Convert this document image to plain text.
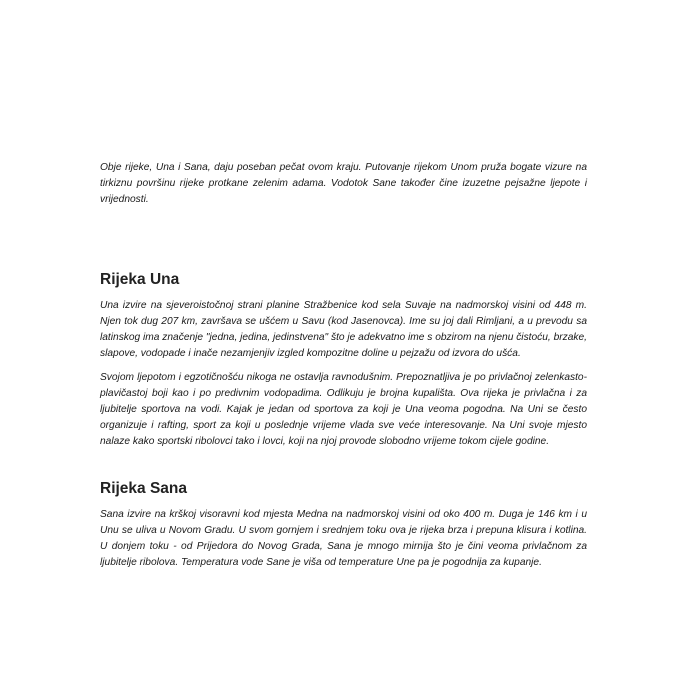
Obje rijeke, Una i Sana, daju poseban pečat ovom kraju. Putovanje rijekom Unom pruža bogate vizure na tirkiznu površinu rijeke protkane zelenim adama. Vodotok Sane također čine izuzetne pejsažne ljepote i vrijednosti.

Rijeka Una

Una izvire na sjeveroistočnoj strani planine Stražbenice kod sela Suvaje na nadmorskoj visini od 448 m. Njen tok dug 207 km, završava se ušćem u Savu (kod Jasenovca). Ime su joj dali Rimljani, a u prevodu sa latinskog ima značenje "jedna, jedina, jedinstvena" što je adekvatno ime s obzirom na njenu čistoću, brzake, slapove, vodopade i inače nezamjenjiv izgled kompozitne doline u pejzažu od izvora do ušća.

Svojom ljepotom i egzotičnošću nikoga ne ostavlja ravnodušnim. Prepoznatljiva je po privlačnoj zelenkasto-plavičastoj boji kao i po predivnim vodopadima. Odlikuju je brojna kupališta. Ova rijeka je privlačna i za ljubitelje sportova na vodi. Kajak je jedan od sportova za koji je Una veoma pogodna. Na Uni se često organizuje i rafting, sport za koji u poslednje vrijeme vlada sve veće interesovanje. Na Uni svoje mjesto nalaze kako sportski ribolovci tako i lovci, koji na njoj provode slobodno vrijeme tokom cijele godine.

Rijeka Sana

Sana izvire na krškoj visoravni kod mjesta Medna na nadmorskoj visini od oko 400 m. Duga je 146 km i u Unu se uliva u Novom Gradu. U svom gornjem i srednjem toku ova je rijeka brza i prepuna klisura i kotlina. U donjem toku - od Prijedora do Novog Grada, Sana je mnogo mirnija što je čini veoma privlačnom za ljubitelje ribolova. Temperatura vode Sane je viša od temperature Une pa je pogodnija za kupanje.
